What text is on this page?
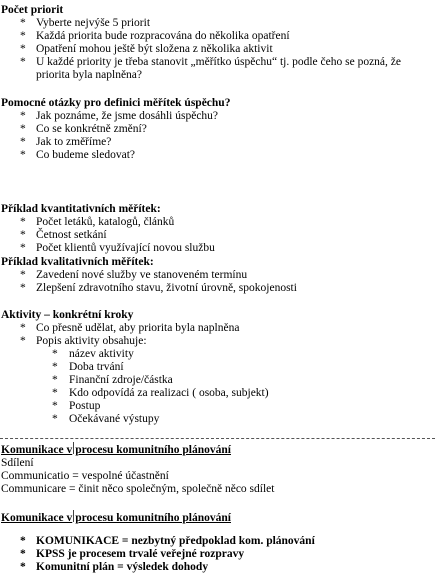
Počet priorit
* Vyberte nejvýše 5 priorit
* Každá priorita bude rozpracována do několika opatření
* Opatření mohou ještě být složena z několika aktivit
* U každé priority je třeba stanovit „měřítko úspěchu“ tj. podle čeho se pozná, že priorita byla naplněna?
Pomocné otázky pro definici měřítek úspěchu?
* Jak poznáme, že jsme dosáhli úspěchu?
* Co se konkrétně změní?
* Jak to změříme?
* Co budeme sledovat?
Příklad kvantitativních měřítek:
* Počet letáků, katalogů, článků
* Četnost setkání
* Počet klientů využívající novou službu
Příklad kvalitativních měřítek:
* Zavedení nové služby ve stanoveném termínu
* Zlepšení zdravotního stavu, životní úrovně, spokojenosti
Aktivity – konkrétní kroky
* Co přesně udělat, aby priorita byla naplněna
* Popis aktivity obsahuje:
* název aktivity
* Doba trvání
* Finanční zdroje/částka
* Kdo odpovídá za realizaci ( osoba, subjekt)
* Postup
* Očekávané výstupy
Komunikace v procesu komunitního plánování
Sdílení
Communicatio = vespolné účastnění
Communicare = činit něco společným, společně něco sdílet
Komunikace v procesu komunitního plánování
* KOMUNIKACE = nezbytný předpoklad kom. plánování
* KPSS je procesem trvalé veřejné rozpravy
* Komunitní plán = výsledek dohody
